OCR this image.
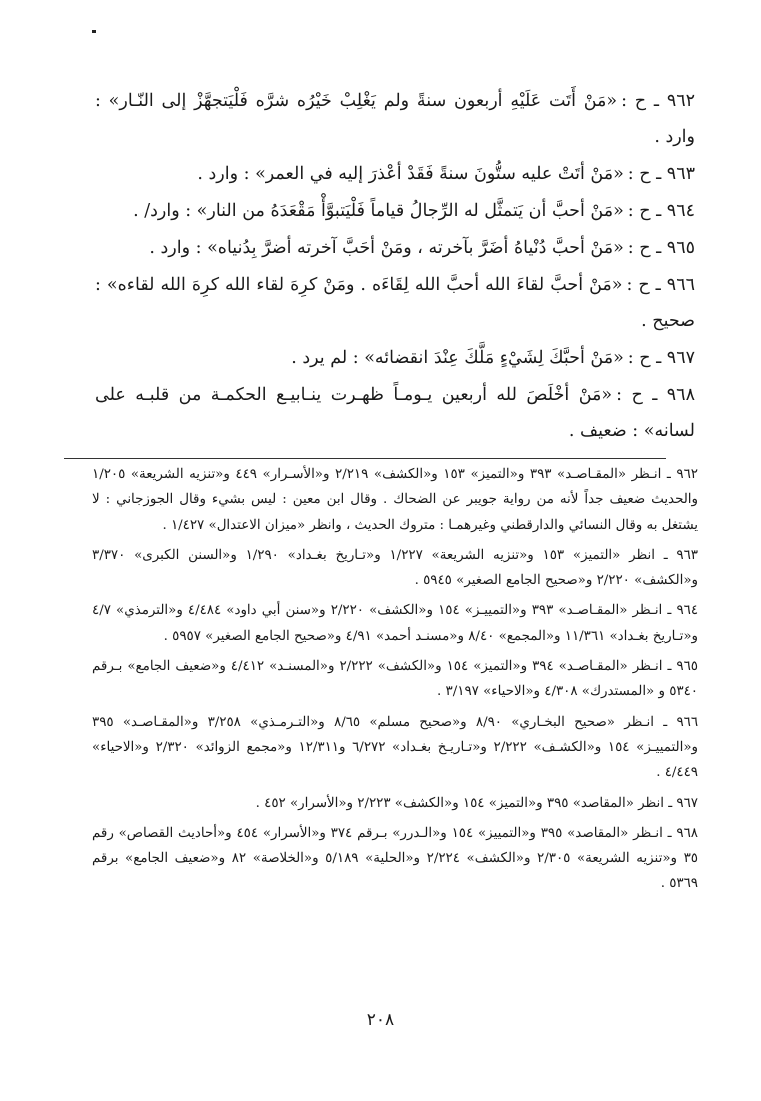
٩٦٢ ـ ح :«مَنْ أَتَت عَلَيْهِ أربعون سنةً ولم يَغْلِبْ خَيْرُه شرَّه فَلْيَتجهَّزْ إلى النّـار» : وارد .

٩٦٣ ـ ح :«مَنْ أتَتْ عليه ستُّونَ سنةً فَقَدْ أعْذرَ إليه في العمر» : وارد .

٩٦٤ ـ ح :«مَنْ أحبَّ أن يَتمثَّل له الرِّجالُ قياماً فَلْيَتبوَّأْ مَقْعَدَهُ من النار» : وارد/ .

٩٦٥ ـ ح :«مَنْ أحبَّ دُنْياهُ أضَرَّ بآخرته ، ومَنْ أحَبَّ آخرته أضرَّ بِدُنياه» : وارد .

٩٦٦ ـ ح :«مَنْ أحبَّ لقاءَ الله أحبَّ الله لِقَاءَه . ومَنْ كرِهَ لقاء الله كرِهَ الله لقاءه» : صحيح .

٩٦٧ ـ ح :«مَنْ أحبَّكَ لِشَيْءٍ مَلَّكَ عِنْدَ انقضائه» : لم يرد .

٩٦٨ ـ ح :«مَنْ أخْلَصَ لله أربعين يـومـاً ظهـرت ينـابيـع الحكمـة من قلبـه على لسانه» : ضعيف .

٩٦٢ ـ انـظر «المقـاصـد» ٣٩٣ و«التميز» ١٥٣ و«الكشف» ٢/٢١٩ و«الأسـرار» ٤٤٩ و«تنزيه الشريعة» ١/٢٠٥ والحديث ضعيف جداً لأنه من رواية جويبر عن الضحاك . وقال ابن معين : ليس بشيء وقال الجوزجاني : لا يشتغل به وقال النسائي والدارقطني وغيرهمـا : متروك الحديث ، وانظر «ميزان الاعتدال» ١/٤٢٧ .

٩٦٣ ـ انظر «التميز» ١٥٣ و«تنزيه الشريعة» ١/٢٢٧ و«تـاريخ بغـداد» ١/٢٩٠ و«السنن الكبرى» ٣/٣٧٠ و«الكشف» ٢/٢٢٠ و«صحيح الجامع الصغير» ٥٩٤٥ .

٩٦٤ ـ انـظر «المقـاصـد» ٣٩٣ و«التمييـز» ١٥٤ و«الكشف» ٢/٢٢٠ و«سنن أبي داود» ٤/٤٨٤ و«الترمذي» ٤/٧ و«تـاريخ بغـداد» ١١/٣٦١ و«المجمع» ٨/٤٠ و«مسنـد أحمد» ٤/٩١ و«صحيح الجامع الصغير» ٥٩٥٧ .

٩٦٥ ـ انـظر «المقـاصـد» ٣٩٤ و«التميز» ١٥٤ و«الكشف» ٢/٢٢٢ و«المسنـد» ٤/٤١٢ و«ضعيف الجامع» بـرقم ٥٣٤٠ و «المستدرك» ٤/٣٠٨ و«الاحياء» ٣/١٩٧ .

٩٦٦ ـ انـظر «صحيح البخـاري» ٨/٩٠ و«صحيح مسلم» ٨/٦٥ و«التـرمـذي» ٣/٢٥٨ و«المقـاصـد» ٣٩٥ و«التمييـز» ١٥٤ و«الكشـف» ٢/٢٢٢ و«تـاريـخ بغـداد» ٦/٢٧٢ و١٢/٣١١ و«مجمع الزوائد» ٢/٣٢٠ و«الاحياء» ٤/٤٤٩ .

٩٦٧ ـ انظر «المقاصد» ٣٩٥ و«التميز» ١٥٤ و«الكشف» ٢/٢٢٣ و«الأسرار» ٤٥٢ .

٩٦٨ ـ انـظر «المقاصد» ٣٩٥ و«التمييز» ١٥٤ و«الـدرر» بـرقم ٣٧٤ و«الأسرار» ٤٥٤ و«أحاديث القصاص» رقم ٣٥ و«تنزيه الشريعة» ٢/٣٠٥ و«الكشف» ٢/٢٢٤ و«الحلية» ٥/١٨٩ و«الخلاصة» ٨٢ و«ضعيف الجامع» برقم ٥٣٦٩ .

٢٠٨
